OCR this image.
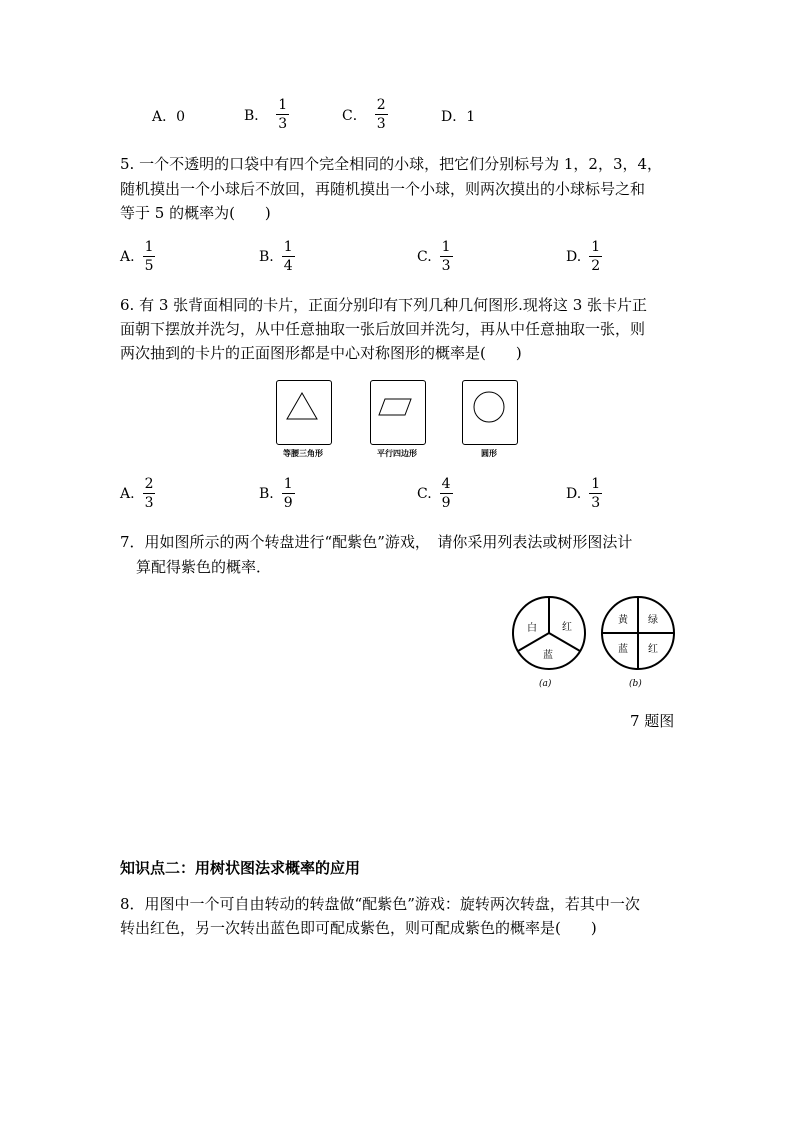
A．0	B． $\frac{1}{3}$	C． $\frac{2}{3}$	D．1
5. 一个不透明的口袋中有四个完全相同的小球，把它们分别标号为 1，2，3，4，
随机摸出一个小球后不放回，再随机摸出一个小球，则两次摸出的小球标号之和
等于 5 的概率为(　　)
A. $\frac{1}{5}$	B. $\frac{1}{4}$	C. $\frac{1}{3}$	D. $\frac{1}{2}$
6. 有 3 张背面相同的卡片，正面分别印有下列几种几何图形.现将这 3 张卡片正
面朝下摆放并洗匀，从中任意抽取一张后放回并洗匀，再从中任意抽取一张，则
两次抽到的卡片的正面图形都是中心对称图形的概率是(　　)
等腰三角形	平行四边形	圆形
A. $\frac{2}{3}$	B. $\frac{1}{9}$	C. $\frac{4}{9}$	D. $\frac{1}{3}$
7．用如图所示的两个转盘进行“配紫色”游戏，　请你采用列表法或树形图法计
算配得紫色的概率．
白	红
蓝
(a)
黄 绿
蓝 红
(b)
7 题图
知识点二：用树状图法求概率的应用
8．用图中一个可自由转动的转盘做“配紫色”游戏：旋转两次转盘，若其中一次
转出红色，另一次转出蓝色即可配成紫色，则可配成紫色的概率是(　　)
